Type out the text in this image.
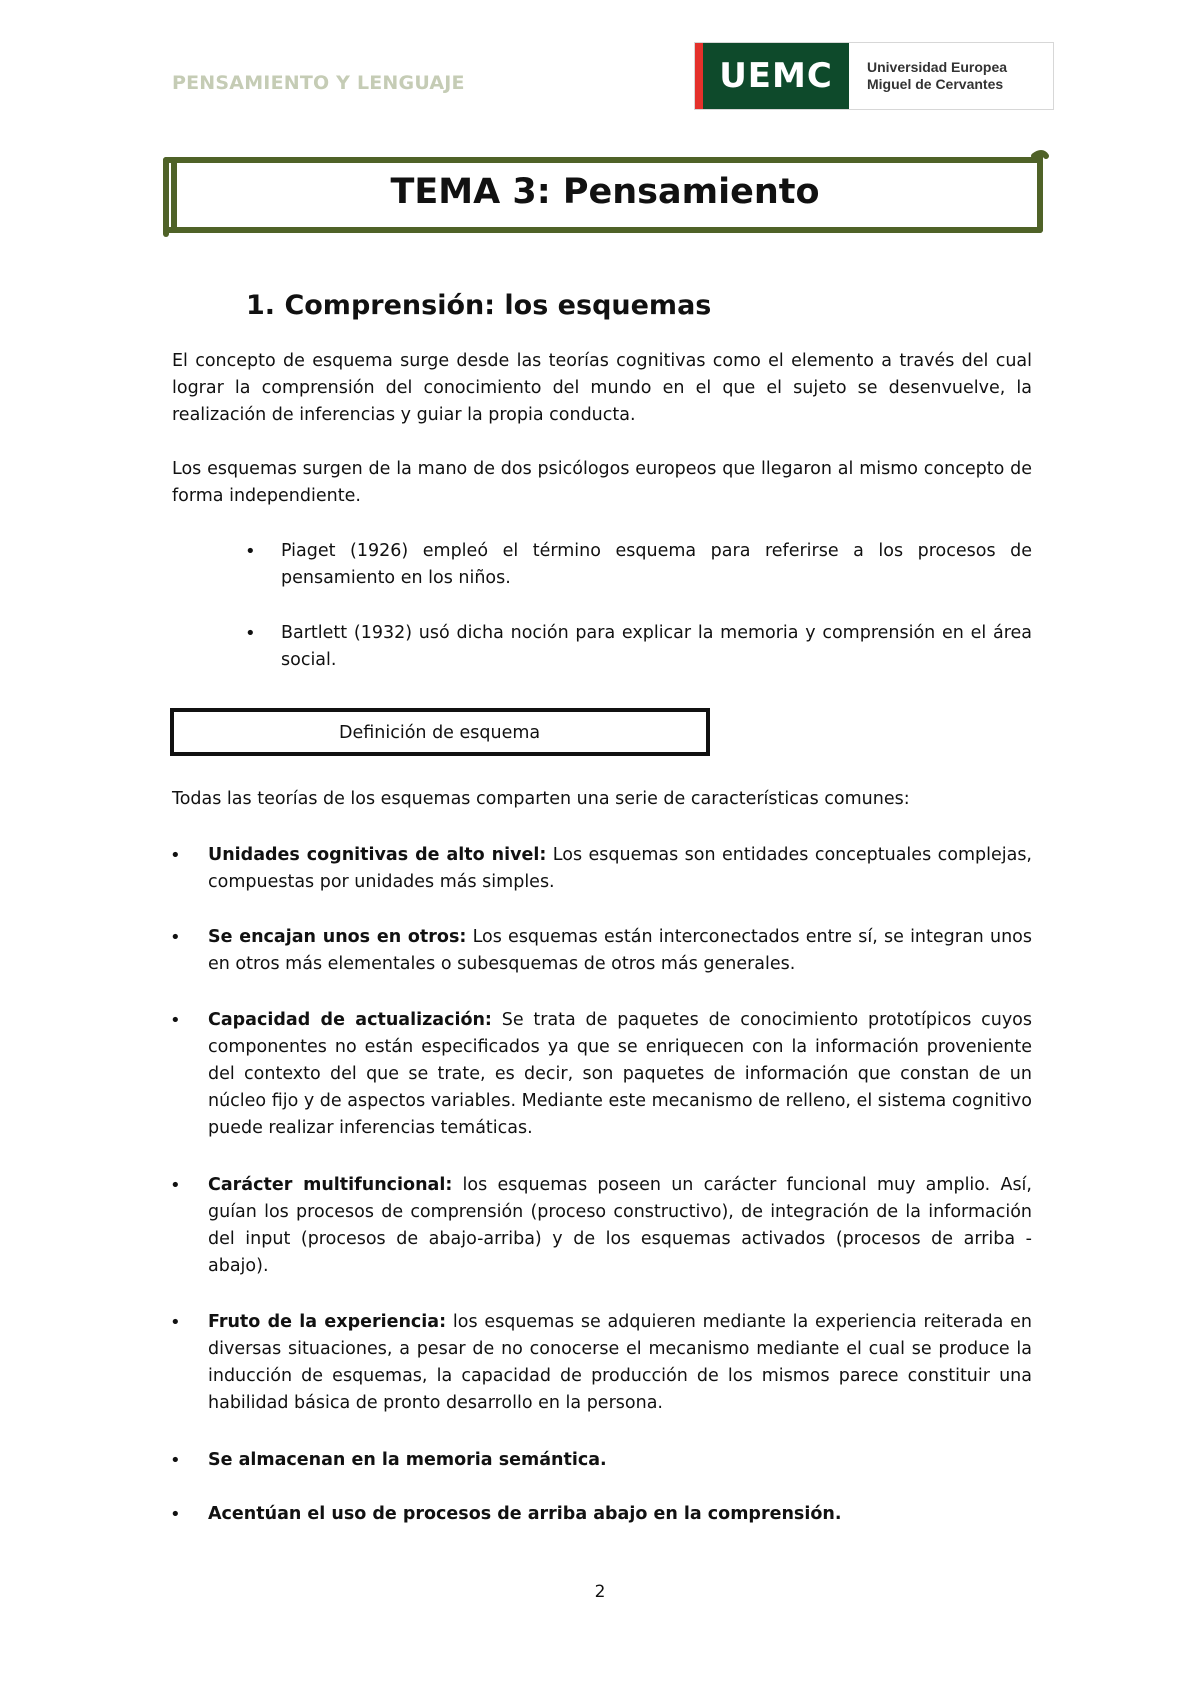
PENSAMIENTO Y LENGUAJE	UEMC	Universidad Europea
Miguel de Cervantes
TEMA 3: Pensamiento
1. Comprensión: los esquemas

El concepto de esquema surge desde las teorías cognitivas como el elemento a través del cual lograr la comprensión del conocimiento del mundo en el que el sujeto se desenvuelve, la realización de inferencias y guiar la propia conducta.

Los esquemas surgen de la mano de dos psicólogos europeos que llegaron al mismo concepto de forma independiente.

• Piaget (1926) empleó el término esquema para referirse a los procesos de pensamiento en los niños.

• Bartlett (1932) usó dicha noción para explicar la memoria y comprensión en el área social.

Definición de esquema

Todas las teorías de los esquemas comparten una serie de características comunes:

• Unidades cognitivas de alto nivel: Los esquemas son entidades conceptuales complejas, compuestas por unidades más simples.

• Se encajan unos en otros: Los esquemas están interconectados entre sí, se integran unos en otros más elementales o subesquemas de otros más generales.

• Capacidad de actualización: Se trata de paquetes de conocimiento prototípicos cuyos componentes no están especificados ya que se enriquecen con la información proveniente del contexto del que se trate, es decir, son paquetes de información que constan de un núcleo fijo y de aspectos variables. Mediante este mecanismo de relleno, el sistema cognitivo puede realizar inferencias temáticas.

• Carácter multifuncional: los esquemas poseen un carácter funcional muy amplio. Así, guían los procesos de comprensión (proceso constructivo), de integración de la información del input (procesos de abajo-arriba) y de los esquemas activados (procesos de arriba - abajo).

• Fruto de la experiencia: los esquemas se adquieren mediante la experiencia reiterada en diversas situaciones, a pesar de no conocerse el mecanismo mediante el cual se produce la inducción de esquemas, la capacidad de producción de los mismos parece constituir una habilidad básica de pronto desarrollo en la persona.

• Se almacenan en la memoria semántica.

• Acentúan el uso de procesos de arriba abajo en la comprensión.

2
